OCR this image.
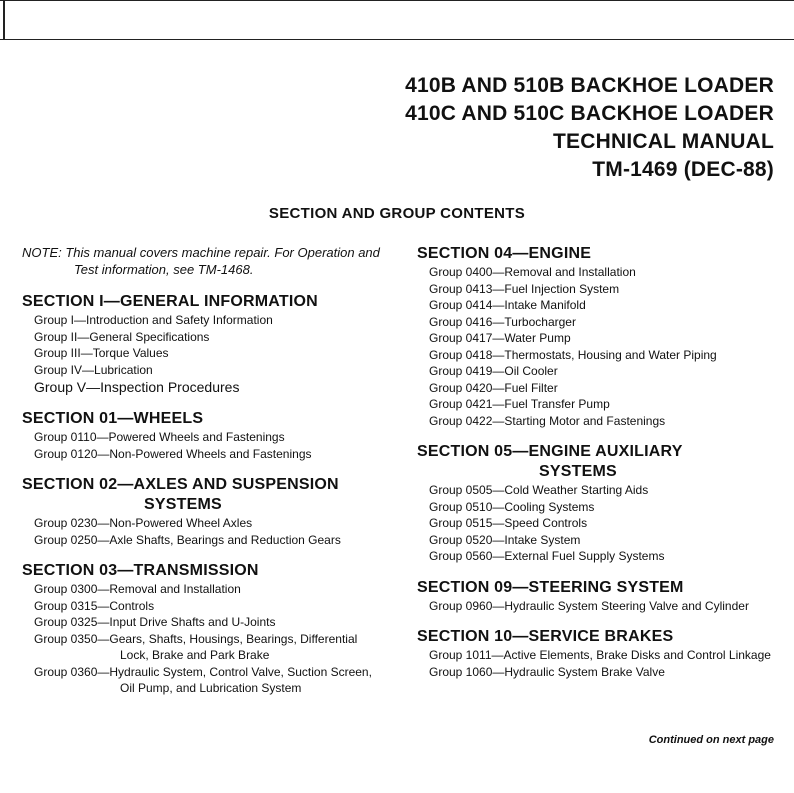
410B AND 510B BACKHOE LOADER
410C AND 510C BACKHOE LOADER
TECHNICAL MANUAL
TM-1469 (DEC-88)
SECTION AND GROUP CONTENTS
NOTE: This manual covers machine repair. For Operation and Test information, see TM-1468.
SECTION I—GENERAL INFORMATION
Group I—Introduction and Safety Information
Group II—General Specifications
Group III—Torque Values
Group IV—Lubrication
Group V—Inspection Procedures
SECTION 01—WHEELS
Group 0110—Powered Wheels and Fastenings
Group 0120—Non-Powered Wheels and Fastenings
SECTION 02—AXLES AND SUSPENSION
SYSTEMS
Group 0230—Non-Powered Wheel Axles
Group 0250—Axle Shafts, Bearings and Reduction Gears
SECTION 03—TRANSMISSION
Group 0300—Removal and Installation
Group 0315—Controls
Group 0325—Input Drive Shafts and U-Joints
Group 0350—Gears, Shafts, Housings, Bearings, Differential Lock, Brake and Park Brake
Group 0360—Hydraulic System, Control Valve, Suction Screen, Oil Pump, and Lubrication System
SECTION 04—ENGINE
Group 0400—Removal and Installation
Group 0413—Fuel Injection System
Group 0414—Intake Manifold
Group 0416—Turbocharger
Group 0417—Water Pump
Group 0418—Thermostats, Housing and Water Piping
Group 0419—Oil Cooler
Group 0420—Fuel Filter
Group 0421—Fuel Transfer Pump
Group 0422—Starting Motor and Fastenings
SECTION 05—ENGINE AUXILIARY
SYSTEMS
Group 0505—Cold Weather Starting Aids
Group 0510—Cooling Systems
Group 0515—Speed Controls
Group 0520—Intake System
Group 0560—External Fuel Supply Systems
SECTION 09—STEERING SYSTEM
Group 0960—Hydraulic System Steering Valve and Cylinder
SECTION 10—SERVICE BRAKES
Group 1011—Active Elements, Brake Disks and Control Linkage
Group 1060—Hydraulic System Brake Valve
Continued on next page
